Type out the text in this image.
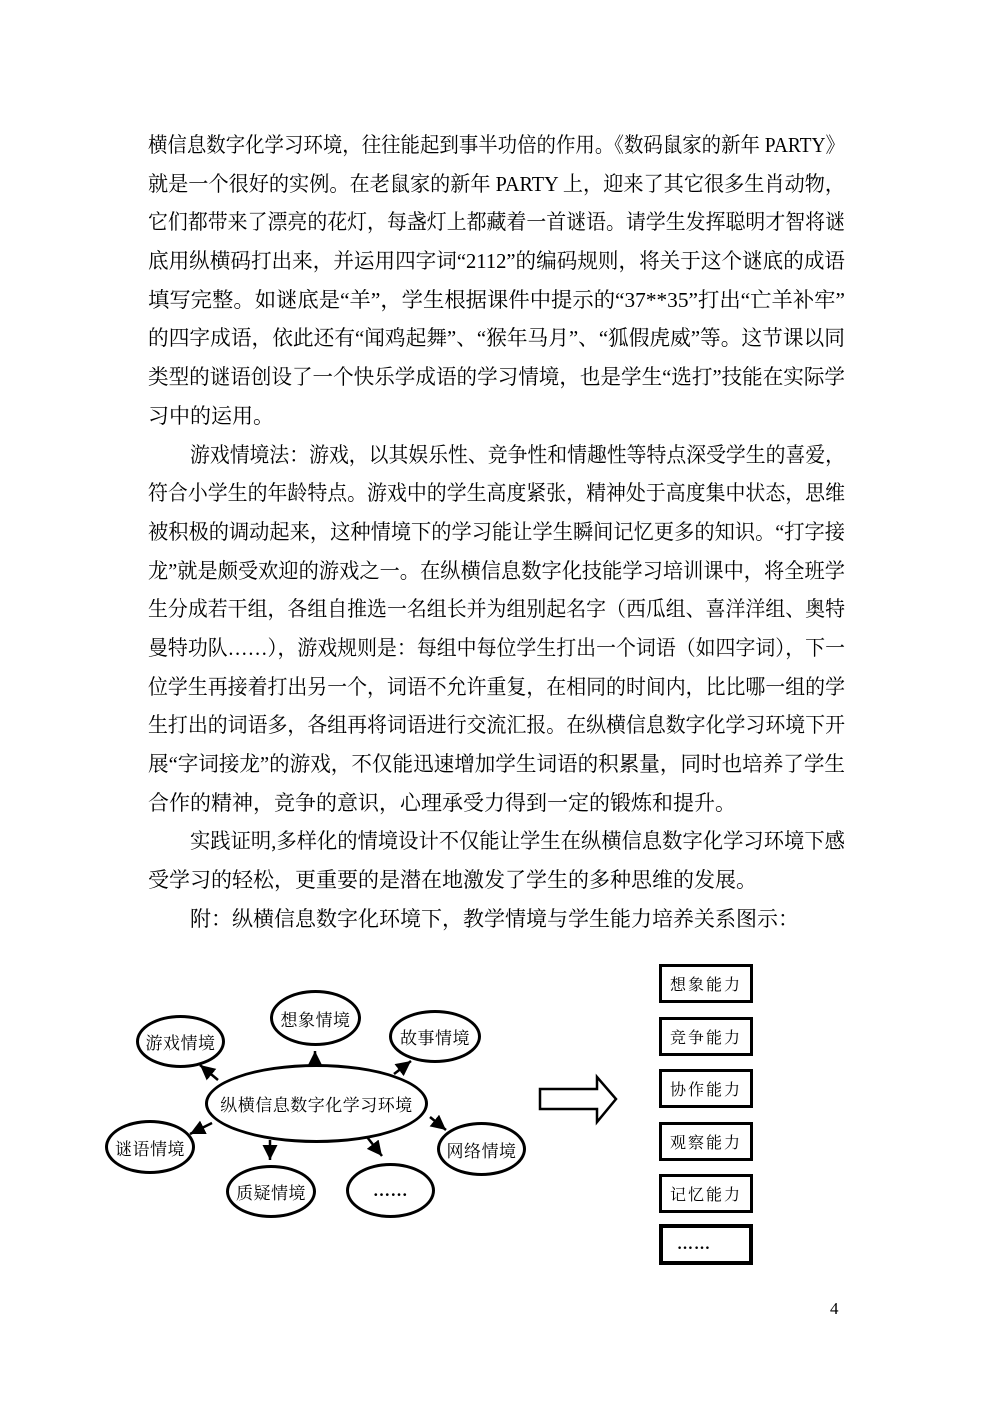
横信息数字化学习环境，往往能起到事半功倍的作用。《数码鼠家的新年 PARTY》
就是一个很好的实例。在老鼠家的新年 PARTY 上，迎来了其它很多生肖动物，
它们都带来了漂亮的花灯，每盏灯上都藏着一首谜语。请学生发挥聪明才智将谜
底用纵横码打出来，并运用四字词“2112”的编码规则，将关于这个谜底的成语
填写完整。如谜底是“羊”，学生根据课件中提示的“37**35”打出“亡羊补牢”
的四字成语，依此还有“闻鸡起舞”、“猴年马月”、“狐假虎威”等。这节课以同
类型的谜语创设了一个快乐学成语的学习情境，也是学生“选打”技能在实际学
习中的运用。
游戏情境法：游戏，以其娱乐性、竞争性和情趣性等特点深受学生的喜爱，
符合小学生的年龄特点。游戏中的学生高度紧张，精神处于高度集中状态，思维
被积极的调动起来，这种情境下的学习能让学生瞬间记忆更多的知识。“打字接
龙”就是颇受欢迎的游戏之一。在纵横信息数字化技能学习培训课中，将全班学
生分成若干组，各组自推选一名组长并为组别起名字（西瓜组、喜洋洋组、奥特
曼特功队……），游戏规则是：每组中每位学生打出一个词语（如四字词），下一
位学生再接着打出另一个，词语不允许重复，在相同的时间内，比比哪一组的学
生打出的词语多，各组再将词语进行交流汇报。在纵横信息数字化学习环境下开
展“字词接龙”的游戏，不仅能迅速增加学生词语的积累量，同时也培养了学生
合作的精神，竞争的意识，心理承受力得到一定的锻炼和提升。
实践证明,多样化的情境设计不仅能让学生在纵横信息数字化学习环境下感
受学习的轻松，更重要的是潜在地激发了学生的多种思维的发展。
附：纵横信息数字化环境下，教学情境与学生能力培养关系图示：
游戏情境
想象情境
故事情境
纵横信息数字化学习环境
谜语情境
质疑情境	……
网络情境
想象能力
竞争能力
协作能力
观察能力
记忆能力
……
4
